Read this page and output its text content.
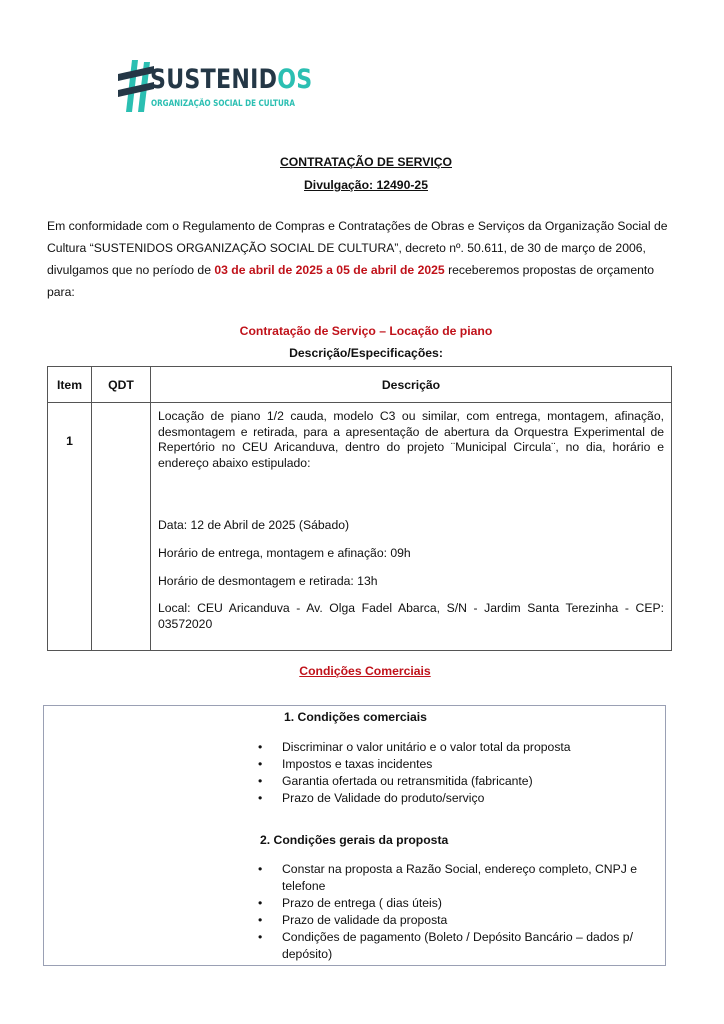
SUSTENIDOS
ORGANIZAÇÃO SOCIAL DE CULTURA
CONTRATAÇÃO DE SERVIÇO
Divulgação: 12490-25

Em conformidade com o Regulamento de Compras e Contratações de Obras e Serviços da Organização Social de

Cultura “SUSTENIDOS ORGANIZAÇÃO SOCIAL DE CULTURA”, decreto nº. 50.611, de 30 de março de 2006,

divulgamos que no período de 03 de abril de 2025 a 05 de abril de 2025 receberemos propostas de orçamento

para:

Contratação de Serviço – Locação de piano
Descrição/Especificações:
Item	QDT	Descrição
1		Locação de piano 1/2 cauda, modelo C3 ou similar, com entrega, montagem, afinação, desmontagem e retirada, para a apresentação de abertura da Orquestra Experimental de Repertório no CEU Aricanduva, dentro do projeto ¨Municipal Circula¨, no dia, horário e endereço abaixo estipulado:

Data: 12 de Abril de 2025 (Sábado)

Horário de entrega, montagem e afinação: 09h

Horário de desmontagem e retirada: 13h

Local: CEU Aricanduva - Av. Olga Fadel Abarca, S/N - Jardim Santa Terezinha - CEP: 03572020

Condições Comerciais
1. Condições comerciais
• Discriminar o valor unitário e o valor total da proposta
• Impostos e taxas incidentes
• Garantia ofertada ou retransmitida (fabricante)
• Prazo de Validade do produto/serviço
2. Condições gerais da proposta
• Constar na proposta a Razão Social, endereço completo, CNPJ e telefone
• Prazo de entrega ( dias úteis)
• Prazo de validade da proposta
• Condições de pagamento (Boleto / Depósito Bancário – dados p/ depósito)
